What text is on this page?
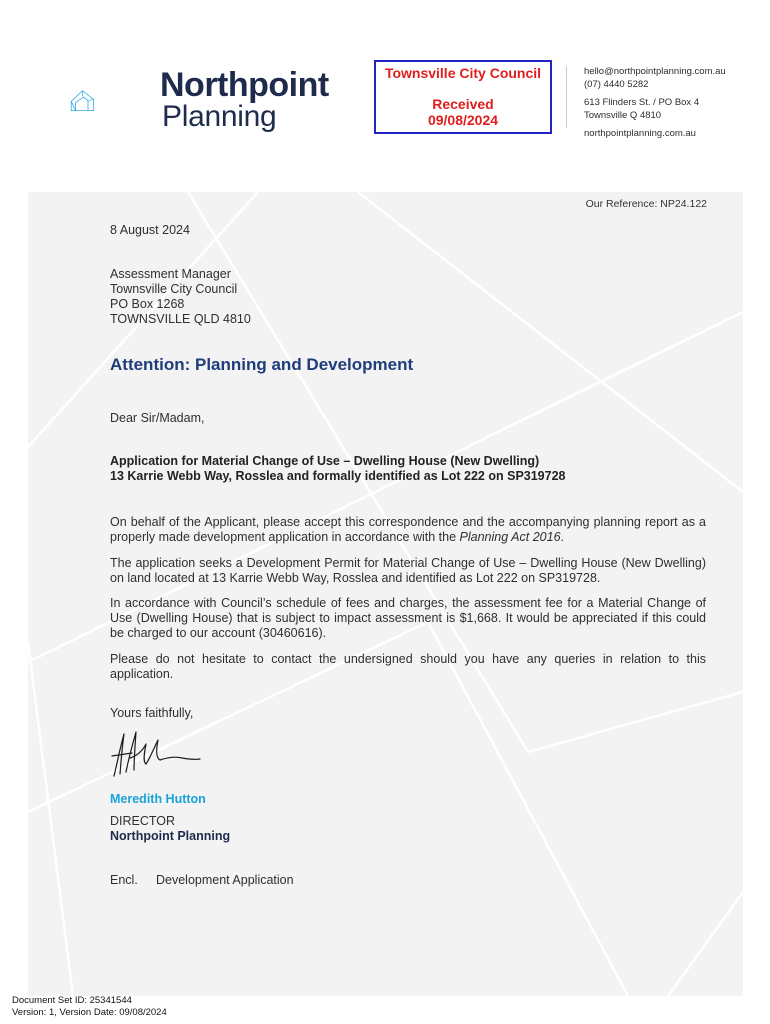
Northpoint
Planning
Townsville City Council
Received
09/08/2024
hello@northpointplanning.com.au
(07) 4440 5282
613 Flinders St. / PO Box 4
Townsville Q 4810
northpointplanning.com.au
Our Reference: NP24.122
8 August 2024
Assessment Manager
Townsville City Council
PO Box 1268
TOWNSVILLE QLD 4810
Attention: Planning and Development
Dear Sir/Madam,
Application for Material Change of Use – Dwelling House (New Dwelling)
13 Karrie Webb Way, Rosslea and formally identified as Lot 222 on SP319728
On behalf of the Applicant, please accept this correspondence and the accompanying planning report as a properly made development application in accordance with the Planning Act 2016.
The application seeks a Development Permit for Material Change of Use – Dwelling House (New Dwelling) on land located at 13 Karrie Webb Way, Rosslea and identified as Lot 222 on SP319728.
In accordance with Council’s schedule of fees and charges, the assessment fee for a Material Change of Use (Dwelling House) that is subject to impact assessment is $1,668. It would be appreciated if this could be charged to our account (30460616).
Please do not hesitate to contact the undersigned should you have any queries in relation to this application.
Yours faithfully,
Meredith Hutton
DIRECTOR
Northpoint Planning
Encl. Development Application
Document Set ID: 25341544
Version: 1, Version Date: 09/08/2024
